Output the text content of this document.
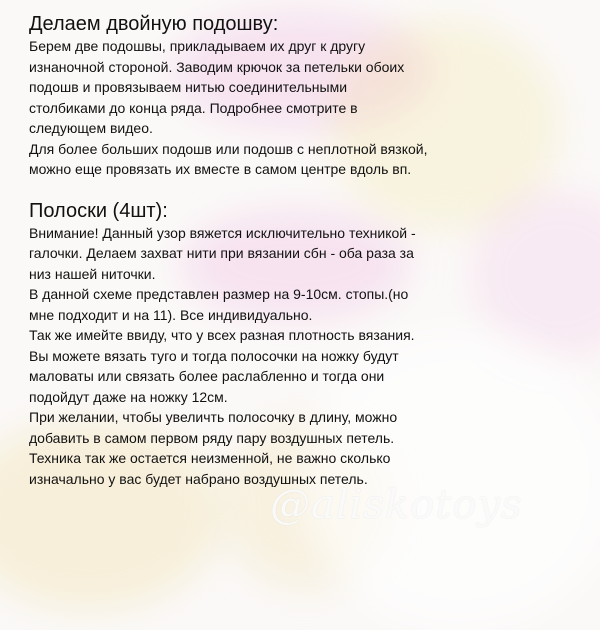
Делаем двойную подошву:

Берем две подошвы, прикладываем их друг к другу
изнаночной стороной. Заводим крючок за петельки обоих
подошв и провязываем нитью соединительными
столбиками до конца ряда. Подробнее смотрите в
следующем видео.
Для более больших подошв или подошв с неплотной вязкой,
можно еще провязать их вместе в самом центре вдоль вп.

Полоски (4шт):

Внимание! Данный узор вяжется исключительно техникой -
галочки. Делаем захват нити при вязании сбн - оба раза за
низ нашей ниточки.
В данной схеме представлен размер на 9-10см. стопы.(но
мне подходит и на 11). Все индивидуально.
Так же имейте ввиду, что у всех разная плотность вязания.
Вы можете вязать туго и тогда полосочки на ножку будут
маловаты или связать более раслабленно и тогда они
подойдут даже на ножку 12см.
При желании, чтобы увеличть полосочку в длину, можно
добавить в самом первом ряду пару воздушных петель.
Техника так же остается неизменной, не важно сколько
изначально у вас будет набрано воздушных петель.

@aliskotoys
